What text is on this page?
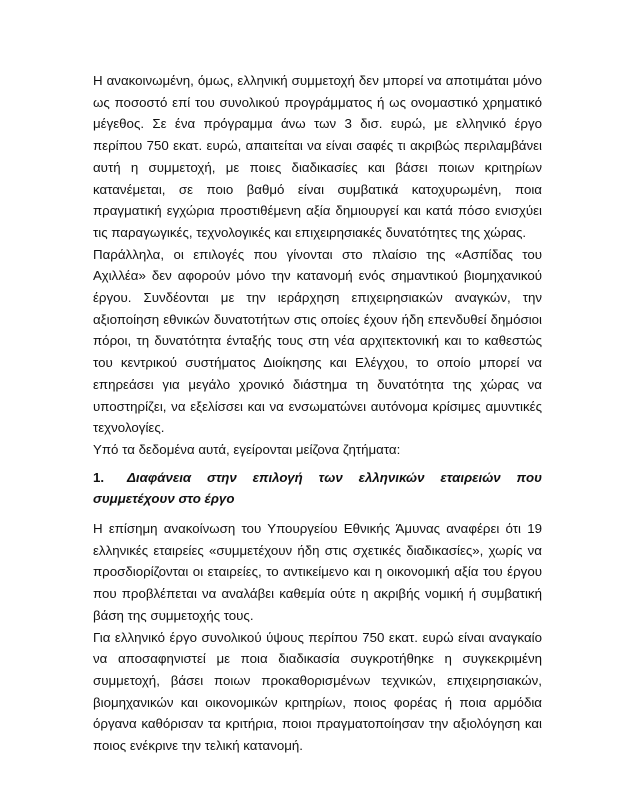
Η ανακοινωμένη, όμως, ελληνική συμμετοχή δεν μπορεί να αποτιμάται μόνο ως ποσοστό επί του συνολικού προγράμματος ή ως ονομαστικό χρηματικό μέγεθος. Σε ένα πρόγραμμα άνω των 3 δισ. ευρώ, με ελληνικό έργο περίπου 750 εκατ. ευρώ, απαιτείται να είναι σαφές τι ακριβώς περιλαμβάνει αυτή η συμμετοχή, με ποιες διαδικασίες και βάσει ποιων κριτηρίων κατανέμεται, σε ποιο βαθμό είναι συμβατικά κατοχυρωμένη, ποια πραγματική εγχώρια προστιθέμενη αξία δημιουργεί και κατά πόσο ενισχύει τις παραγωγικές, τεχνολογικές και επιχειρησιακές δυνατότητες της χώρας.

Παράλληλα, οι επιλογές που γίνονται στο πλαίσιο της «Ασπίδας του Αχιλλέα» δεν αφορούν μόνο την κατανομή ενός σημαντικού βιομηχανικού έργου. Συνδέονται με την ιεράρχηση επιχειρησιακών αναγκών, την αξιοποίηση εθνικών δυνατοτήτων στις οποίες έχουν ήδη επενδυθεί δημόσιοι πόροι, τη δυνατότητα ένταξής τους στη νέα αρχιτεκτονική και το καθεστώς του κεντρικού συστήματος Διοίκησης και Ελέγχου, το οποίο μπορεί να επηρεάσει για μεγάλο χρονικό διάστημα τη δυνατότητα της χώρας να υποστηρίζει, να εξελίσσει και να ενσωματώνει αυτόνομα κρίσιμες αμυντικές τεχνολογίες.

Υπό τα δεδομένα αυτά, εγείρονται μείζονα ζητήματα:

1. Διαφάνεια στην επιλογή των ελληνικών εταιρειών που συμμετέχουν στο έργο

Η επίσημη ανακοίνωση του Υπουργείου Εθνικής Άμυνας αναφέρει ότι 19 ελληνικές εταιρείες «συμμετέχουν ήδη στις σχετικές διαδικασίες», χωρίς να προσδιορίζονται οι εταιρείες, το αντικείμενο και η οικονομική αξία του έργου που προβλέπεται να αναλάβει καθεμία ούτε η ακριβής νομική ή συμβατική βάση της συμμετοχής τους.

Για ελληνικό έργο συνολικού ύψους περίπου 750 εκατ. ευρώ είναι αναγκαίο να αποσαφηνιστεί με ποια διαδικασία συγκροτήθηκε η συγκεκριμένη συμμετοχή, βάσει ποιων προκαθορισμένων τεχνικών, επιχειρησιακών, βιομηχανικών και οικονομικών κριτηρίων, ποιος φορέας ή ποια αρμόδια όργανα καθόρισαν τα κριτήρια, ποιοι πραγματοποίησαν την αξιολόγηση και ποιος ενέκρινε την τελική κατανομή.
